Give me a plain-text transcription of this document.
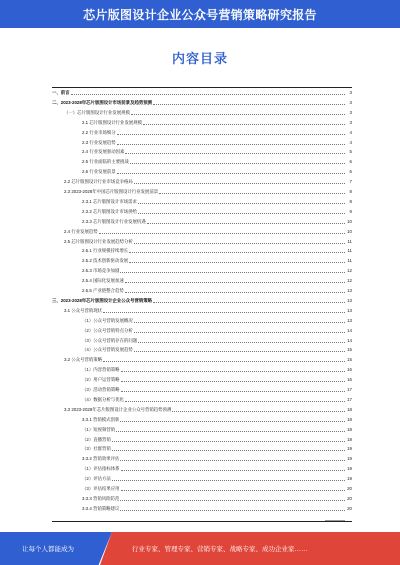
芯片版图设计企业公众号营销策略研究报告
内容目录
一、前言	3
二、2023-2028年芯片版图设计市场前景及趋势预测	3
（一）芯片版图设计行业发展规模	3
2.1 芯片版图设计行业发展规模	3
2.2 行业市场细分	4
2.3 行业发展趋势	4
2.4 行业发展驱动因素	5
2.5 行业面临的主要挑战	6
2.6 行业发展前景	6
2.2 芯片版图设计行业市场竞争格局	7
2.3 2023-2028年中国芯片版图设计行业发展前景	8
2.3.1 芯片版图设计市场需求	8
2.3.2 芯片版图设计市场供给	9
2.3.3 芯片版图设计行业发展机遇	10
2.4 行业发展趋势	10
2.5 芯片版图设计行业发展趋势分析	11
2.5.1 行业规模持续增长	11
2.5.2 技术创新驱动发展	11
2.5.3 市场竞争加剧	12
2.5.4 国际化发展加速	12
2.5.5 产业链整合趋势	13
三、2023-2028年芯片版图设计企业公众号营销策略	13
3.1 公众号营销现状	13
（1）公众号营销发展概况	13
（2）公众号营销特点分析	14
（3）公众号营销存在的问题	14
（4）公众号营销发展趋势	15
3.2 公众号营销策略	15
（1）内容营销策略	16
（2）用户运营策略	16
（3）活动营销策略	17
（4）数据分析与优化	17
3.3 2023-2028年芯片版图设计企业公众号营销趋势预测	18
3.3.1 营销模式创新	18
（1）短视频营销	18
（2）直播营销	18
（3）社群营销	19
3.3.2 营销效果评估	19
（1）评估指标体系	19
（2）评估方法	19
（3）评估结果应用	20
3.3.3 营销风险防范	20
3.3.4 营销策略建议	20
让每个人都能成为	行业专家、管理专家、营销专家、战略专家、成功企业家……
